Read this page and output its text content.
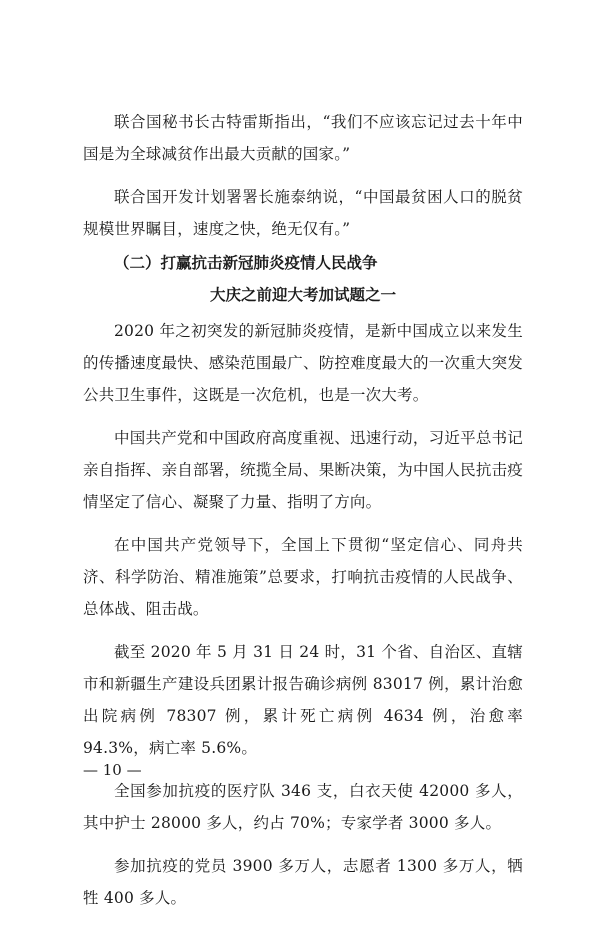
联合国秘书长古特雷斯指出，“我们不应该忘记过去十年中国是为全球减贫作出最大贡献的国家。”

联合国开发计划署署长施泰纳说，“中国最贫困人口的脱贫规模世界瞩目，速度之快，绝无仅有。”

（二）打赢抗击新冠肺炎疫情人民战争

大庆之前迎大考加试题之一

2020 年之初突发的新冠肺炎疫情，是新中国成立以来发生的传播速度最快、感染范围最广、防控难度最大的一次重大突发公共卫生事件，这既是一次危机，也是一次大考。

中国共产党和中国政府高度重视、迅速行动，习近平总书记亲自指挥、亲自部署，统揽全局、果断决策，为中国人民抗击疫情坚定了信心、凝聚了力量、指明了方向。

在中国共产党领导下，全国上下贯彻“坚定信心、同舟共济、科学防治、精准施策”总要求，打响抗击疫情的人民战争、总体战、阻击战。

截至 2020 年 5 月 31 日 24 时，31 个省、自治区、直辖市和新疆生产建设兵团累计报告确诊病例 83017 例，累计治愈出院病例 78307 例，累计死亡病例 4634 例，治愈率 94.3%，病亡率 5.6%。

全国参加抗疫的医疗队 346 支，白衣天使 42000 多人，其中护士 28000 多人，约占 70%；专家学者 3000 多人。

参加抗疫的党员 3900 多万人，志愿者 1300 多万人，牺牲 400 多人。

— 10 —
